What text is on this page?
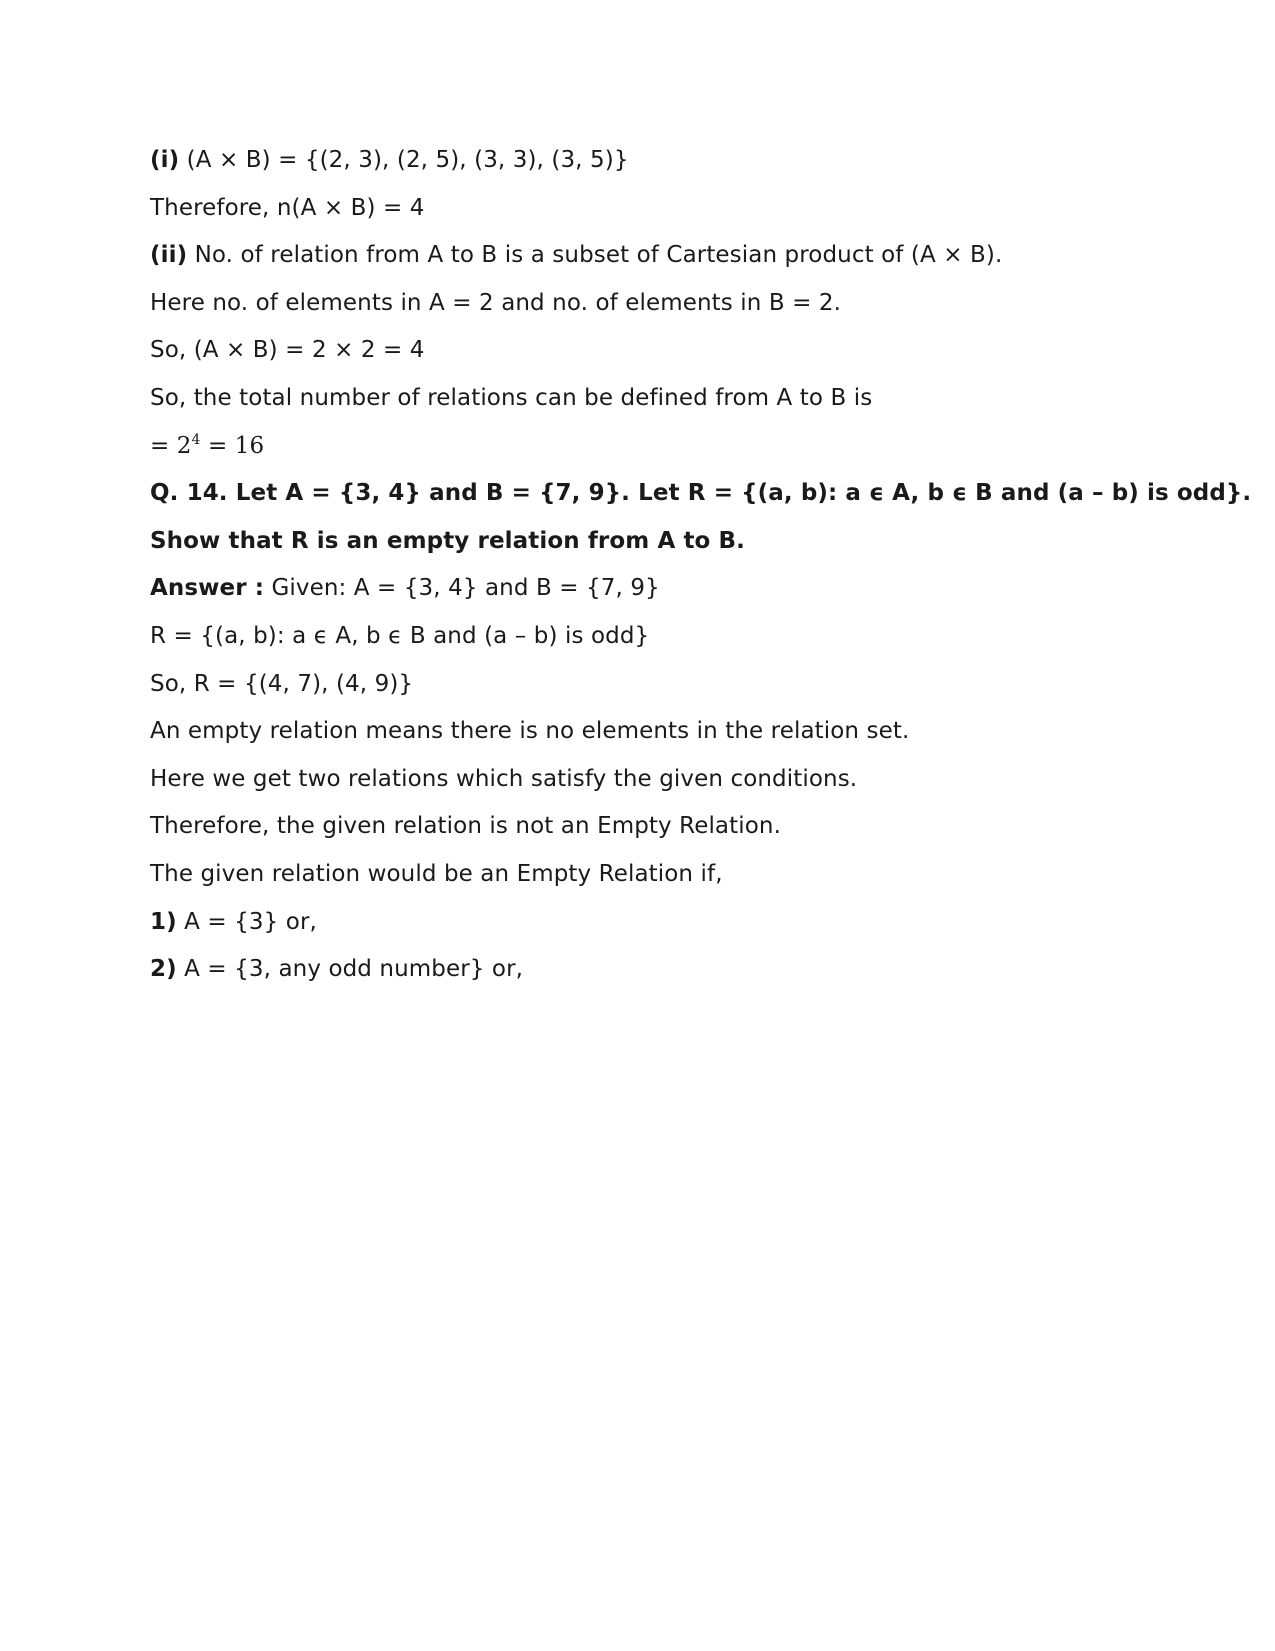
(i) (A × B) = {(2, 3), (2, 5), (3, 3), (3, 5)}
Therefore, n(A × B) = 4
(ii) No. of relation from A to B is a subset of Cartesian product of (A × B).
Here no. of elements in A = 2 and no. of elements in B = 2.
So, (A × B) = 2 × 2 = 4
So, the total number of relations can be defined from A to B is
= $2^4 = 16$
Q. 14. Let A = {3, 4} and B = {7, 9}. Let R = {(a, b): a ϵ A, b ϵ B and (a – b) is odd}.
Show that R is an empty relation from A to B.
Answer : Given: A = {3, 4} and B = {7, 9}
R = {(a, b): a ϵ A, b ϵ B and (a – b) is odd}
So, R = {(4, 7), (4, 9)}
An empty relation means there is no elements in the relation set.
Here we get two relations which satisfy the given conditions.
Therefore, the given relation is not an Empty Relation.
The given relation would be an Empty Relation if,
1) A = {3} or,
2) A = {3, any odd number} or,
